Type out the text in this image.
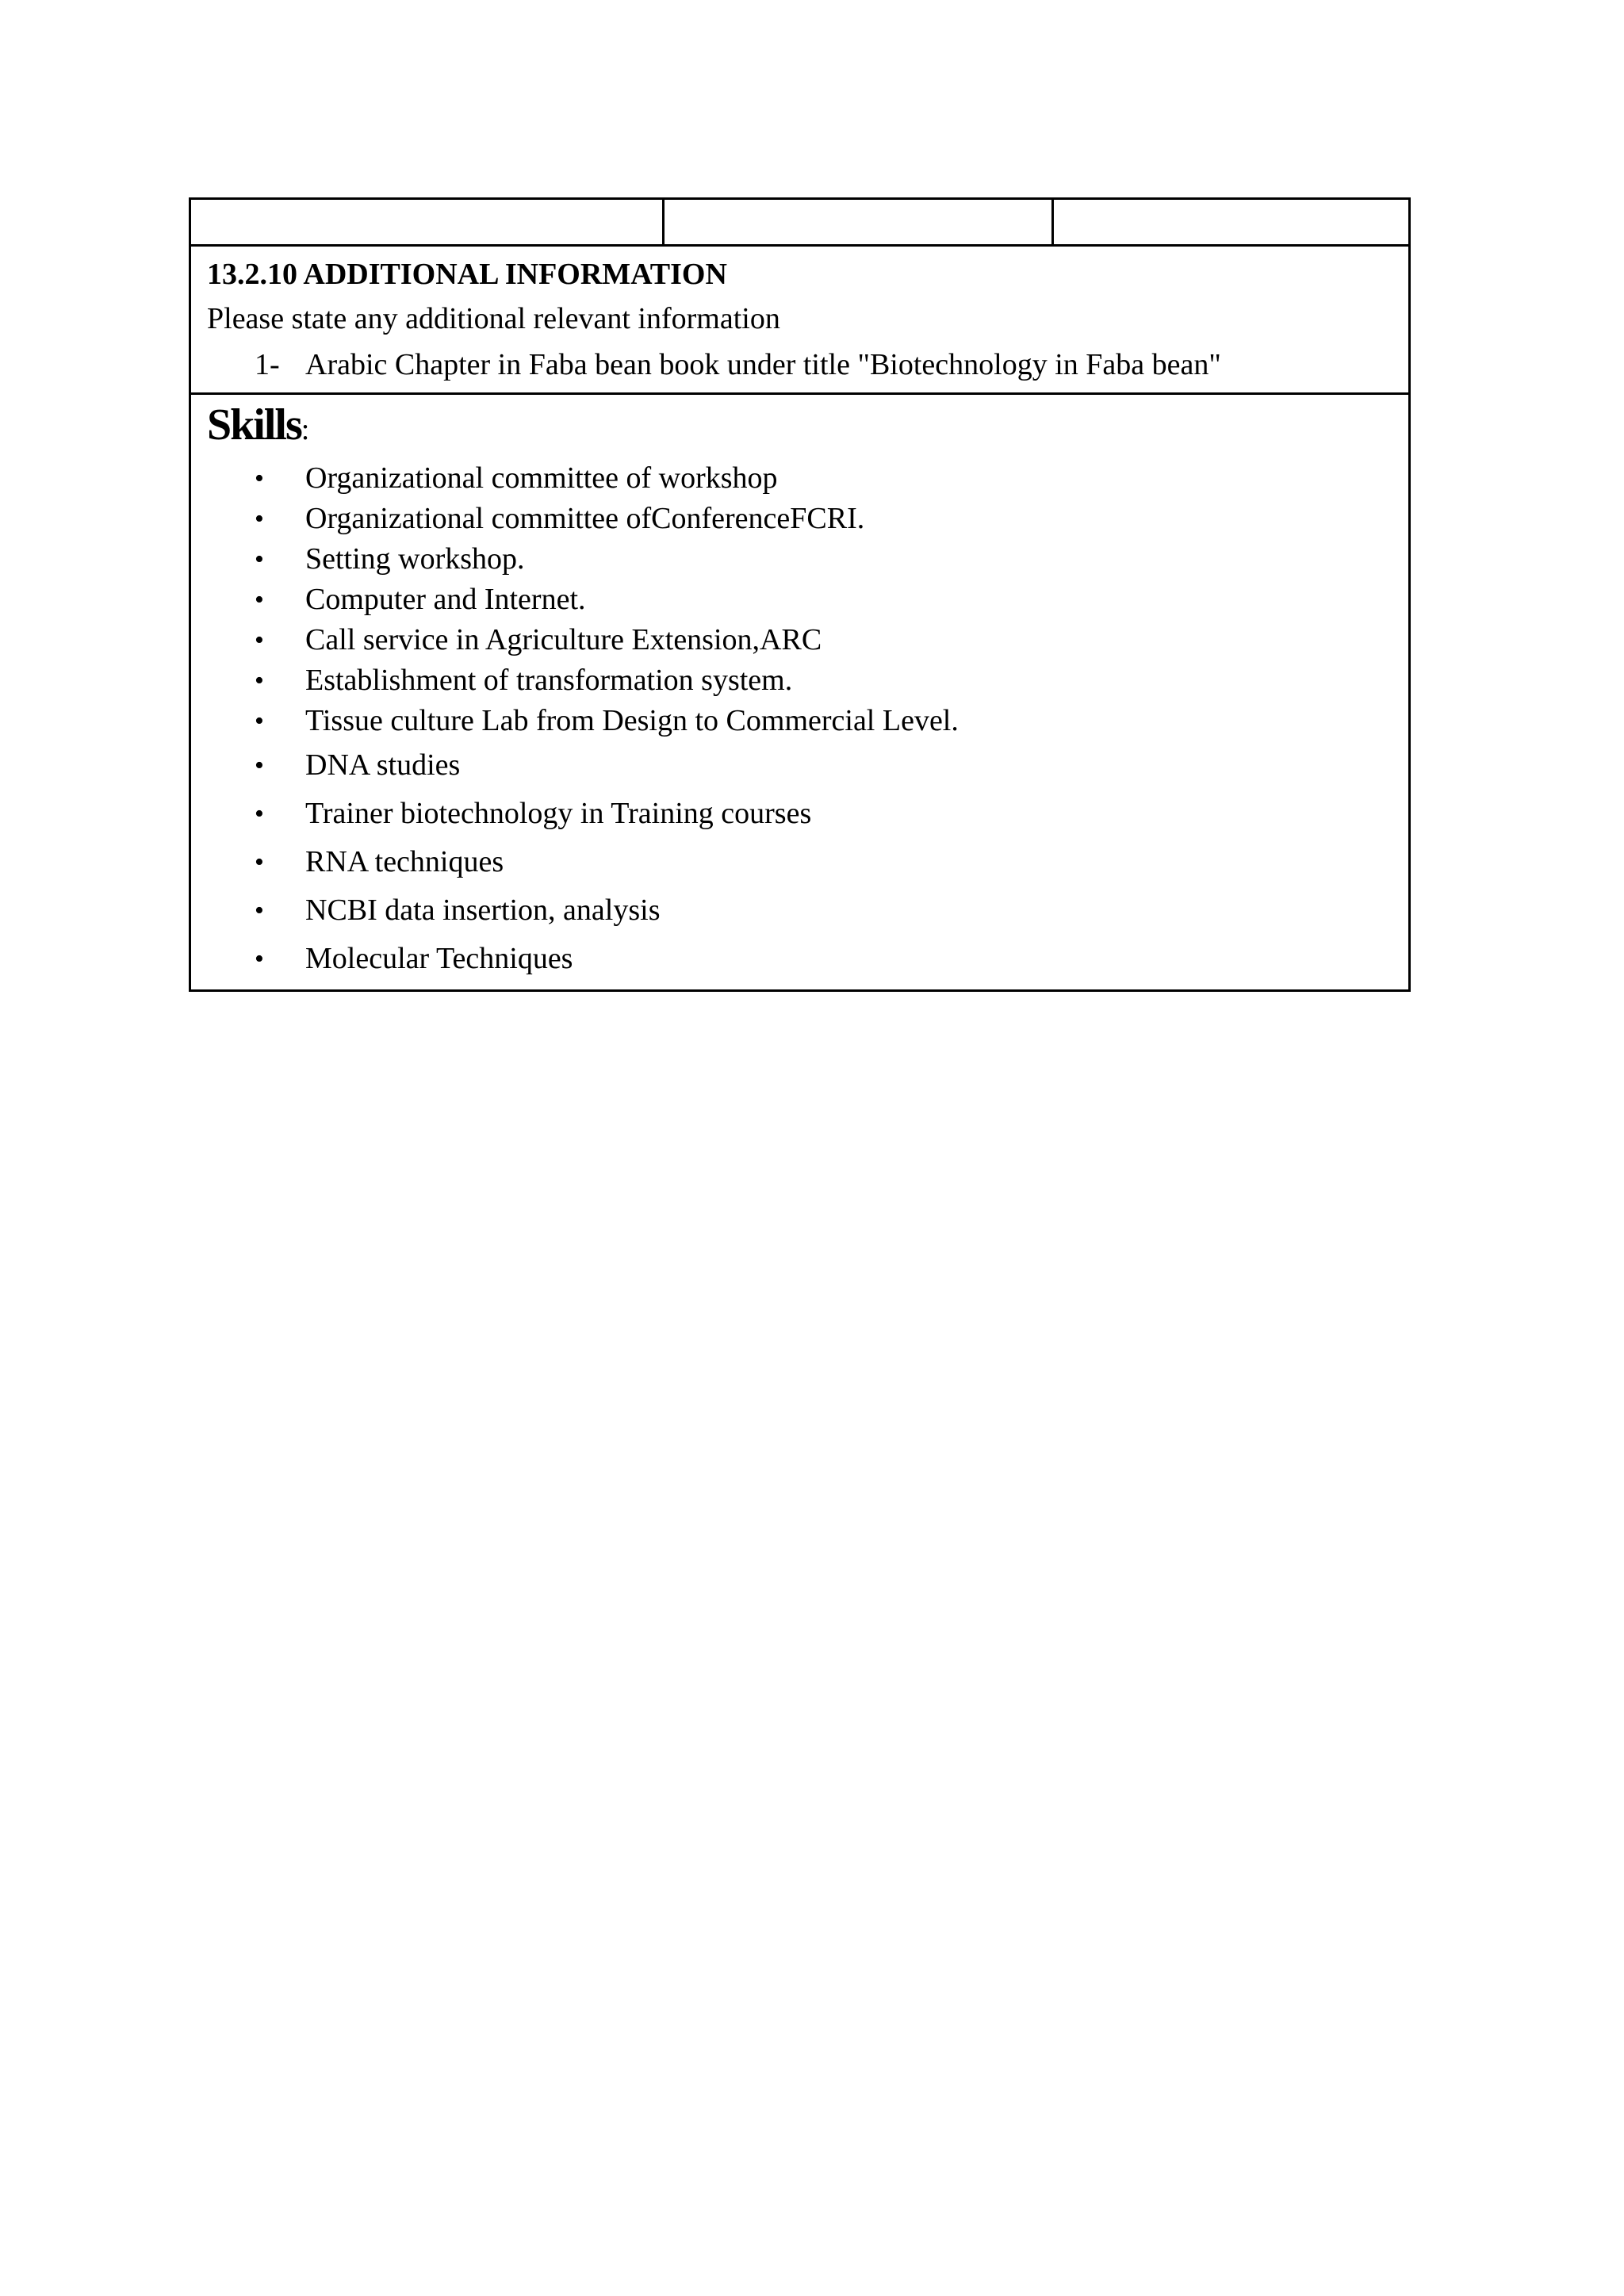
13.2.10 ADDITIONAL INFORMATION

Please state any additional relevant information

1- Arabic Chapter in Faba bean book under title "Biotechnology in Faba bean"

Skills:

• Organizational committee of workshop
• Organizational committee ofConferenceFCRI.
• Setting workshop.
• Computer and Internet.
• Call service in Agriculture Extension,ARC
• Establishment of transformation system.
• Tissue culture Lab from Design to Commercial Level.
• DNA studies
• Trainer biotechnology in Training courses
• RNA techniques
• NCBI data insertion, analysis
• Molecular Techniques
